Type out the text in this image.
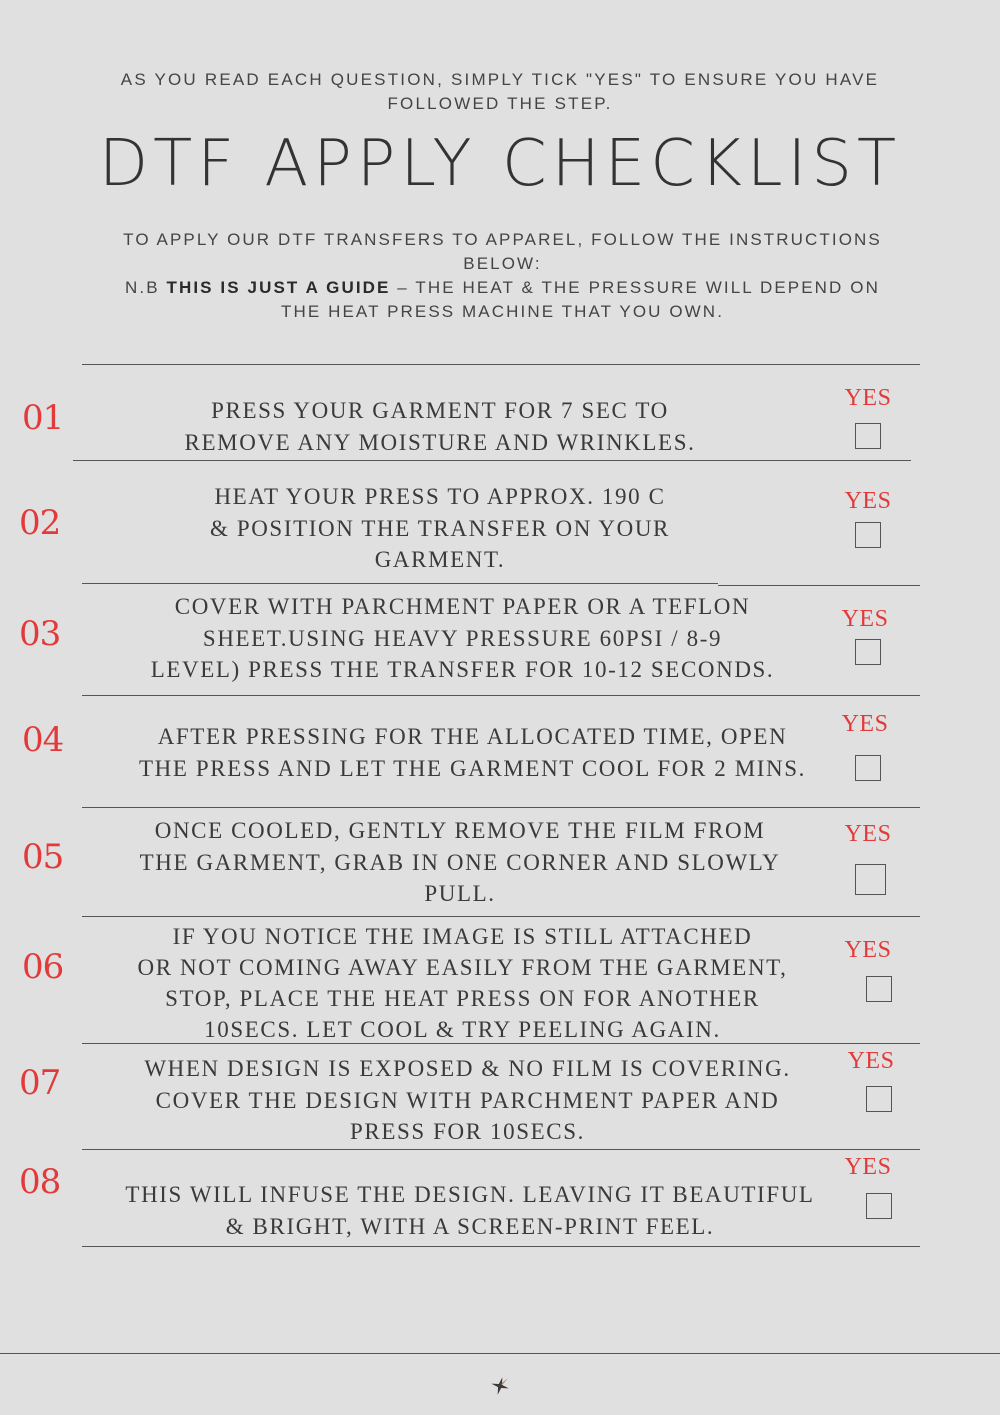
AS YOU READ EACH QUESTION, SIMPLY TICK "YES" TO ENSURE YOU HAVE
FOLLOWED THE STEP.

DTF APPLY CHECKLIST
TO APPLY OUR DTF TRANSFERS TO APPAREL, FOLLOW THE INSTRUCTIONS
BELOW:
N.B THIS IS JUST A GUIDE – THE HEAT & THE PRESSURE WILL DEPEND ON
THE HEAT PRESS MACHINE THAT YOU OWN.
01	PRESS YOUR GARMENT FOR 7 SEC TO
REMOVE ANY MOISTURE AND WRINKLES.
YES
02
HEAT YOUR PRESS TO APPROX. 190 C
& POSITION THE TRANSFER ON YOUR
GARMENT.
YES
03
COVER WITH PARCHMENT PAPER OR A TEFLON
SHEET.USING HEAVY PRESSURE 60PSI / 8-9
LEVEL) PRESS THE TRANSFER FOR 10-12 SECONDS.
YES
04	AFTER PRESSING FOR THE ALLOCATED TIME, OPEN
THE PRESS AND LET THE GARMENT COOL FOR 2 MINS.
YES
05
ONCE COOLED, GENTLY REMOVE THE FILM FROM
THE GARMENT, GRAB IN ONE CORNER AND SLOWLY
PULL.
YES
06
IF YOU NOTICE THE IMAGE IS STILL ATTACHED
OR NOT COMING AWAY EASILY FROM THE GARMENT,
STOP, PLACE THE HEAT PRESS ON FOR ANOTHER
10SECS. LET COOL & TRY PEELING AGAIN.
YES
07	WHEN DESIGN IS EXPOSED & NO FILM IS COVERING.
COVER THE DESIGN WITH PARCHMENT PAPER AND
PRESS FOR 10SECS.
YES
08	THIS WILL INFUSE THE DESIGN. LEAVING IT BEAUTIFUL
& BRIGHT, WITH A SCREEN-PRINT FEEL.
YES
